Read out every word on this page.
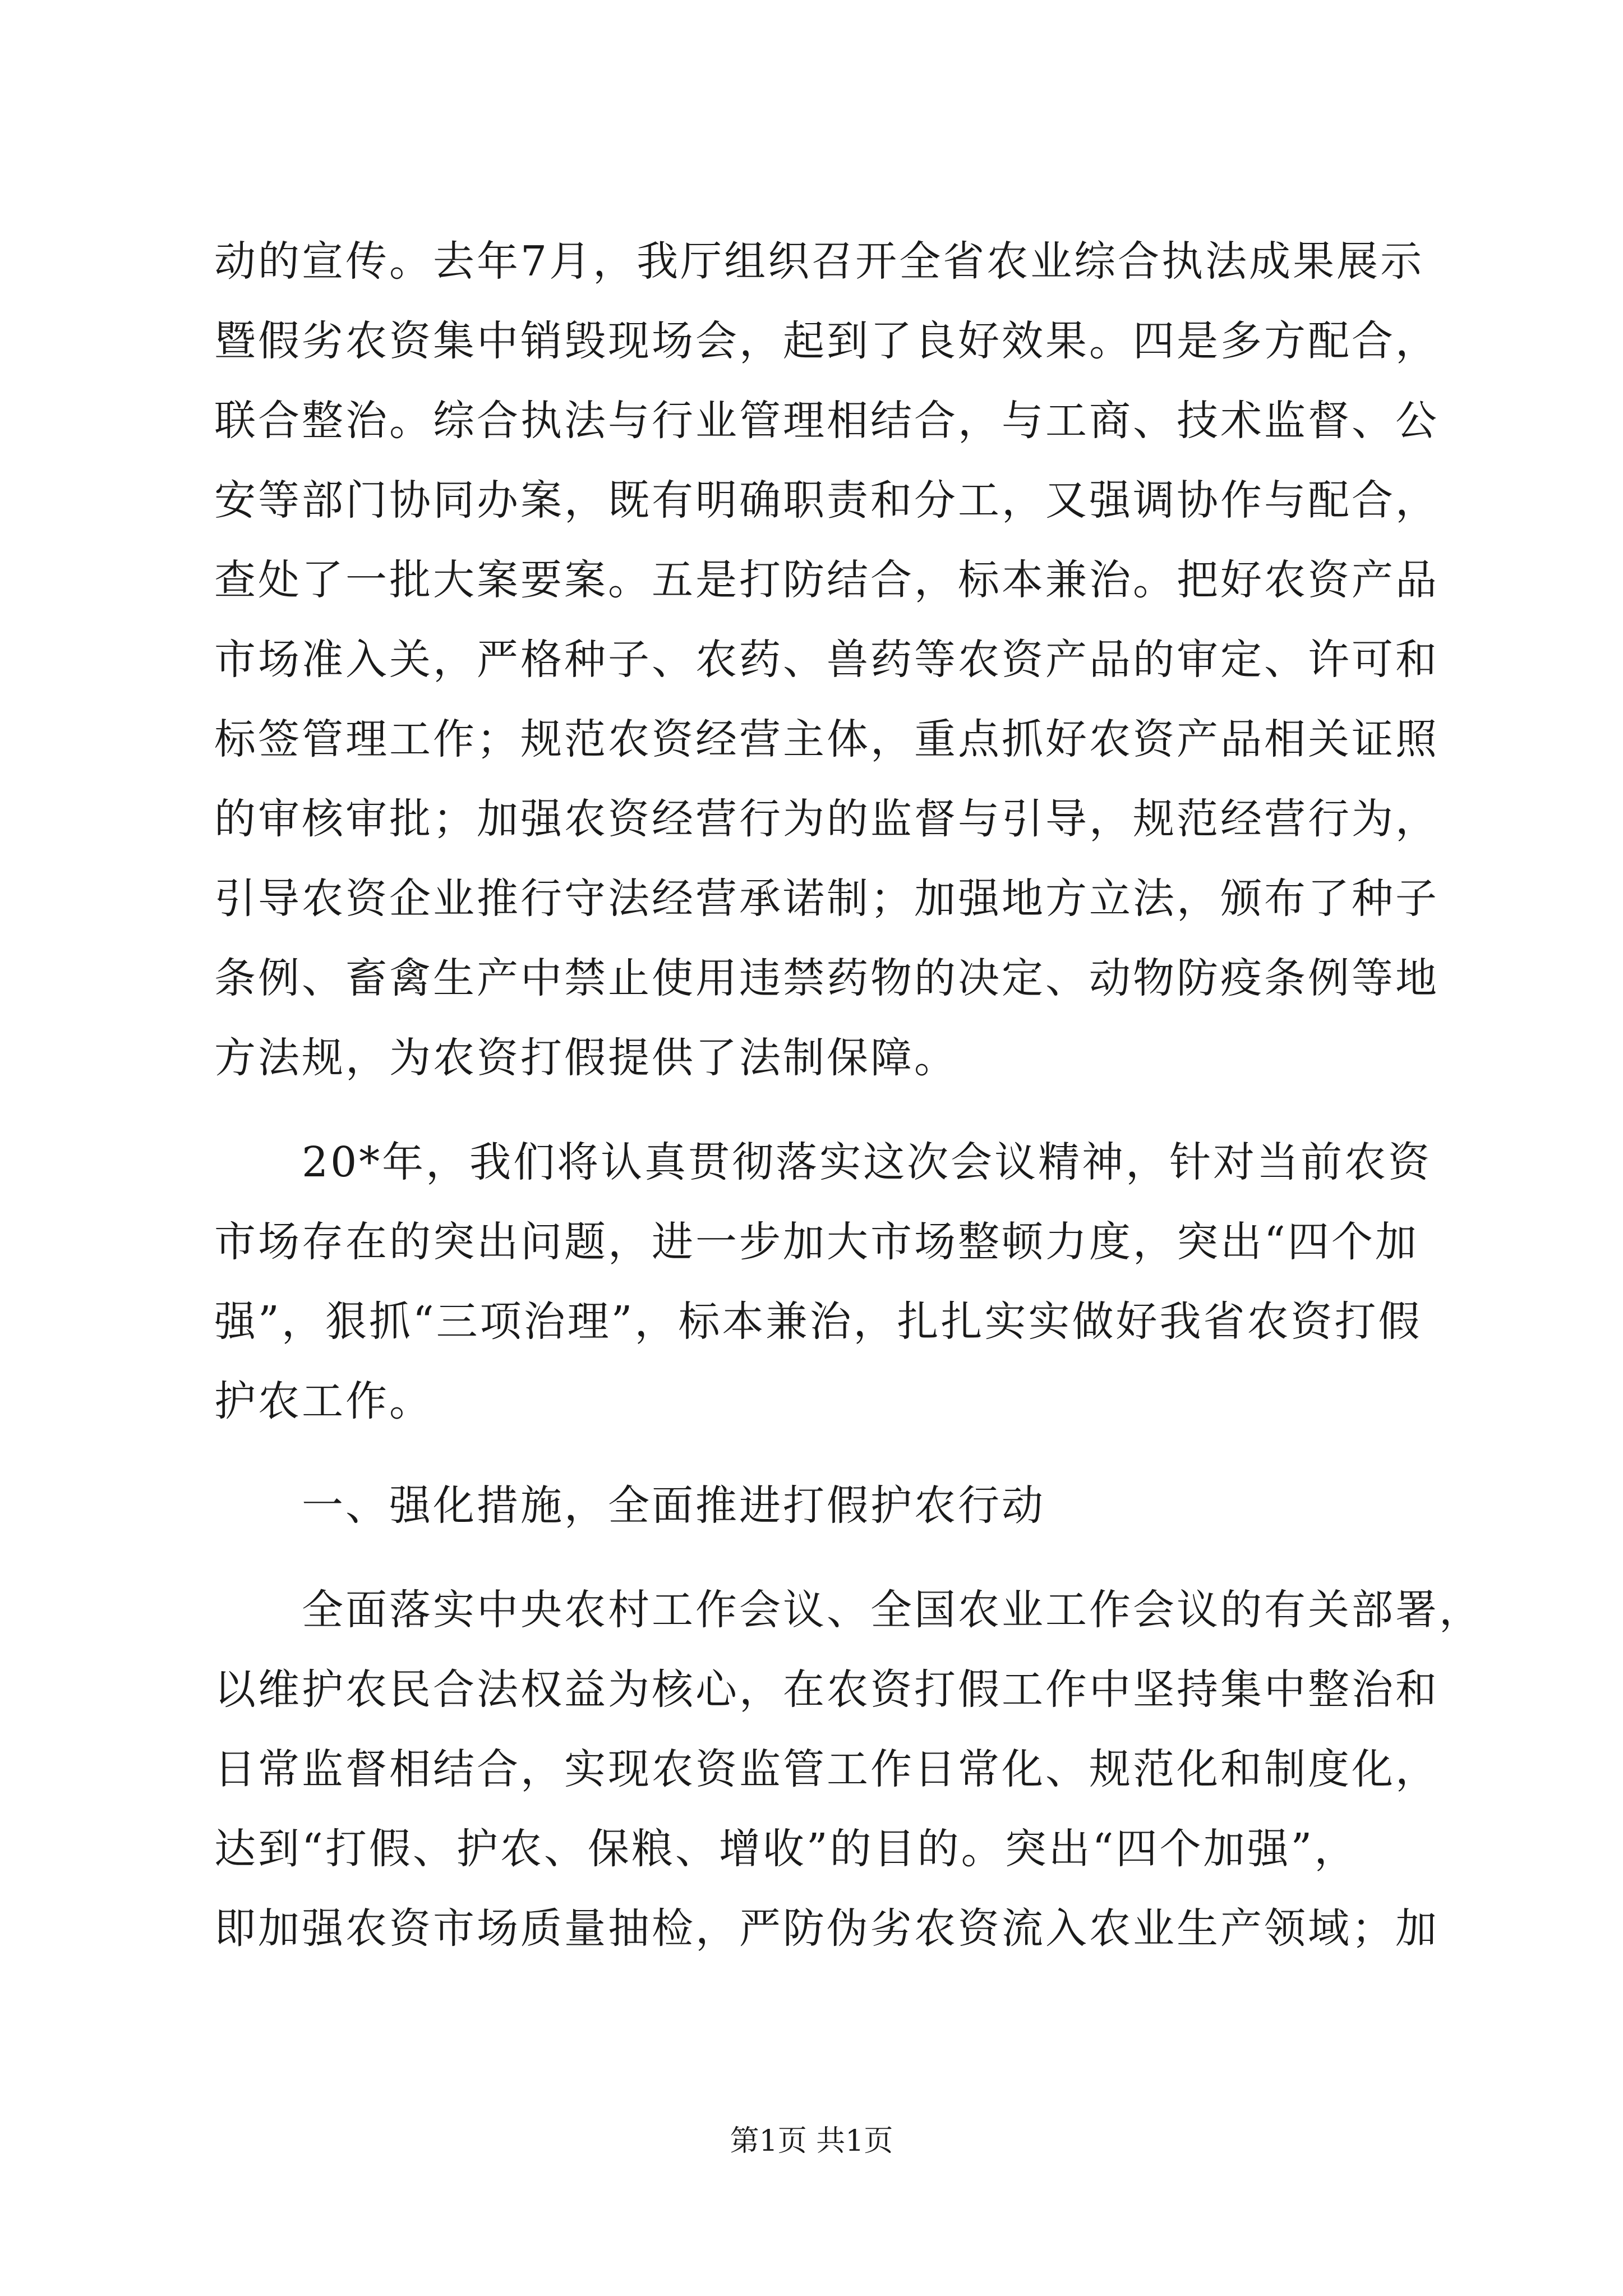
动的宣传。去年7月，我厅组织召开全省农业综合执法成果展示
暨假劣农资集中销毁现场会，起到了良好效果。四是多方配合，
联合整治。综合执法与行业管理相结合，与工商、技术监督、公
安等部门协同办案，既有明确职责和分工，又强调协作与配合，
查处了一批大案要案。五是打防结合，标本兼治。把好农资产品
市场准入关，严格种子、农药、兽药等农资产品的审定、许可和
标签管理工作；规范农资经营主体，重点抓好农资产品相关证照
的审核审批；加强农资经营行为的监督与引导，规范经营行为，
引导农资企业推行守法经营承诺制；加强地方立法，颁布了种子
条例、畜禽生产中禁止使用违禁药物的决定、动物防疫条例等地
方法规，为农资打假提供了法制保障。
20*年，我们将认真贯彻落实这次会议精神，针对当前农资
市场存在的突出问题，进一步加大市场整顿力度，突出“四个加
强”，狠抓“三项治理”，标本兼治，扎扎实实做好我省农资打假
护农工作。
一、强化措施，全面推进打假护农行动
全面落实中央农村工作会议、全国农业工作会议的有关部署，
以维护农民合法权益为核心，在农资打假工作中坚持集中整治和
日常监督相结合，实现农资监管工作日常化、规范化和制度化，
达到“打假、护农、保粮、增收”的目的。突出“四个加强”，
即加强农资市场质量抽检，严防伪劣农资流入农业生产领域；加
第1页 共1页
